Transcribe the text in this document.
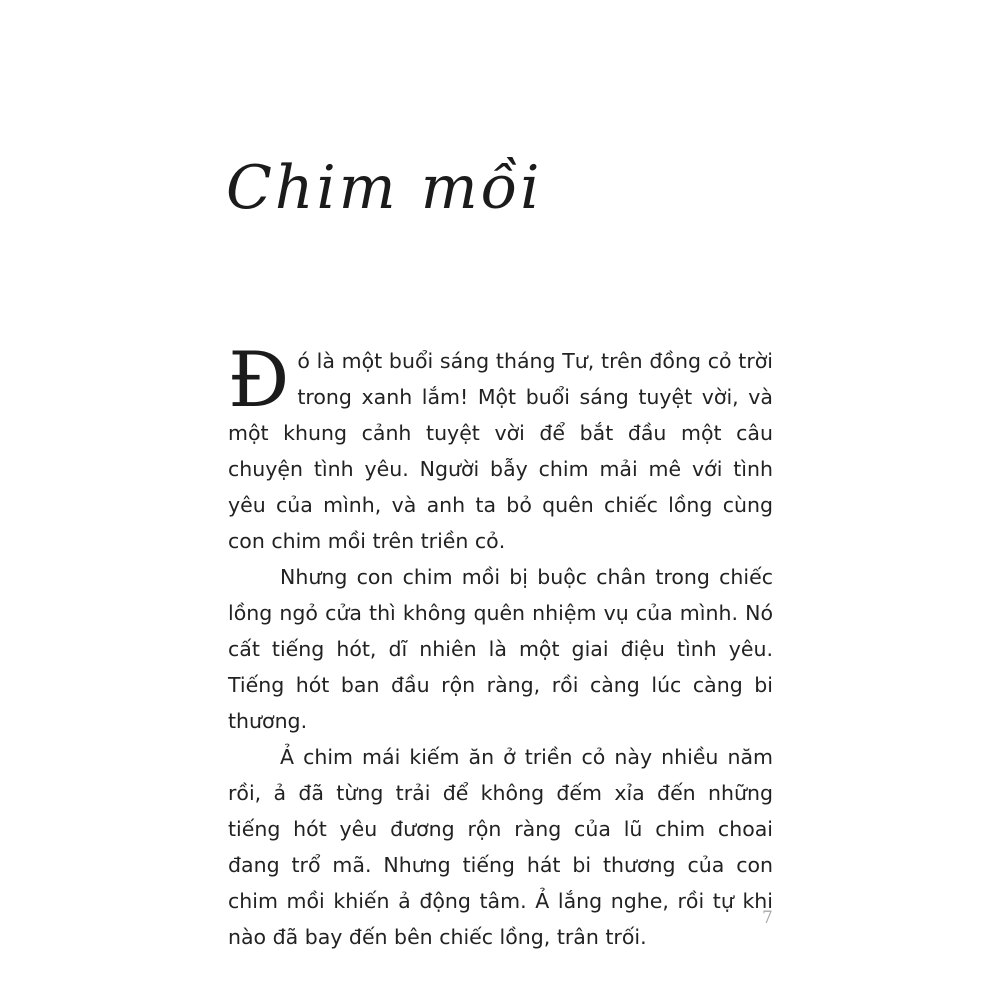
Chim mồi

Đó là một buổi sáng tháng Tư, trên đồng cỏ trời trong xanh lắm! Một buổi sáng tuyệt vời, và một khung cảnh tuyệt vời để bắt đầu một câu chuyện tình yêu. Người bẫy chim mải mê với tình yêu của mình, và anh ta bỏ quên chiếc lồng cùng con chim mồi trên triền cỏ.

Nhưng con chim mồi bị buộc chân trong chiếc lồng ngỏ cửa thì không quên nhiệm vụ của mình. Nó cất tiếng hót, dĩ nhiên là một giai điệu tình yêu. Tiếng hót ban đầu rộn ràng, rồi càng lúc càng bi thương.

Ả chim mái kiếm ăn ở triền cỏ này nhiều năm rồi, ả đã từng trải để không đếm xỉa đến những tiếng hót yêu đương rộn ràng của lũ chim choai đang trổ mã. Nhưng tiếng hát bi thương của con chim mồi khiến ả động tâm. Ả lắng nghe, rồi tự khi nào đã bay đến bên chiếc lồng, trân trối.

7
